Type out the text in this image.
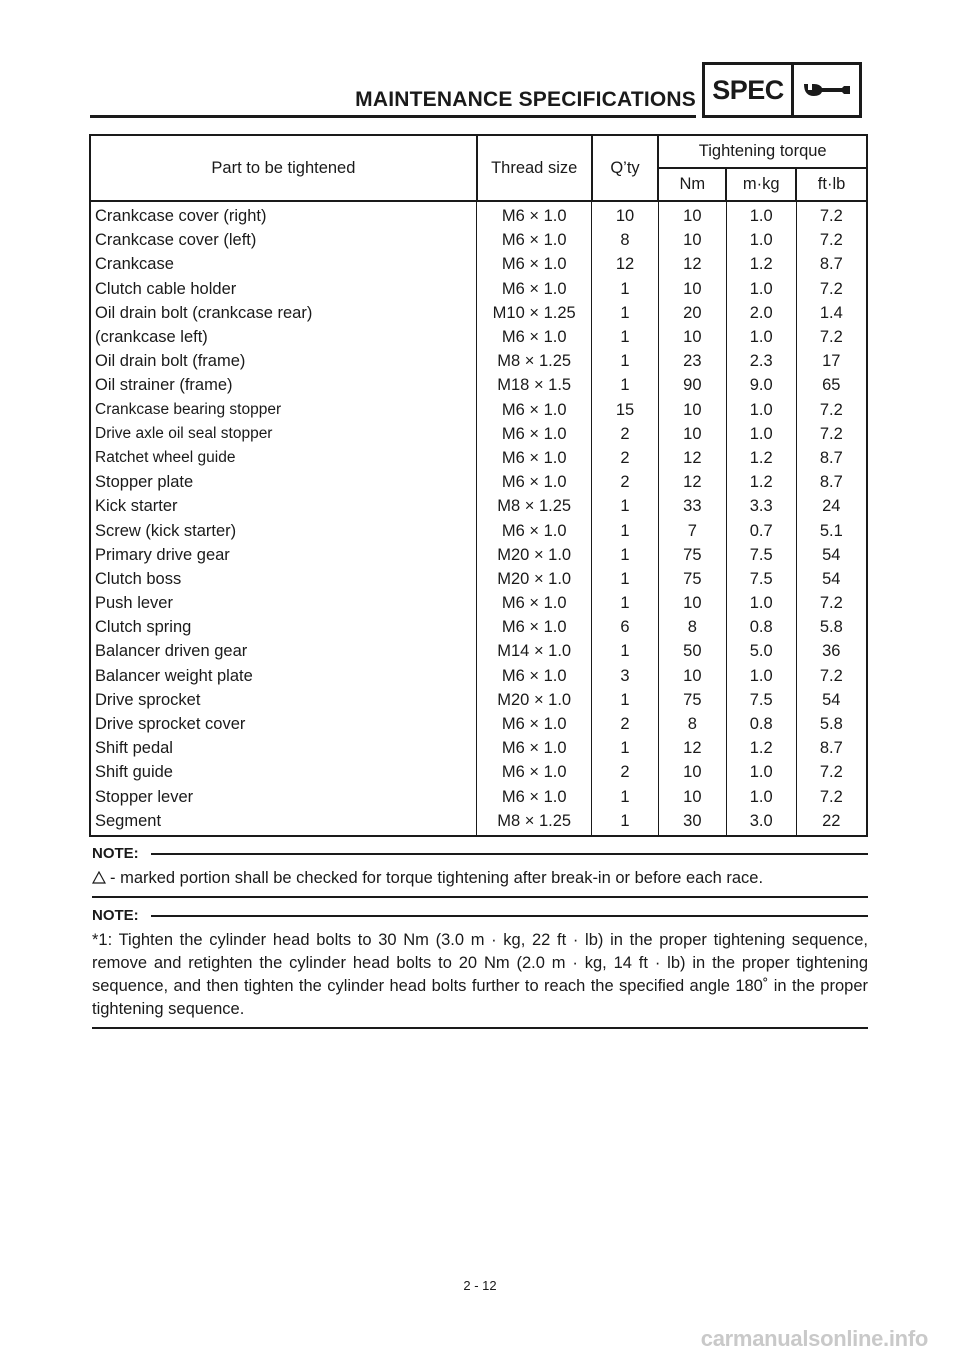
MAINTENANCE SPECIFICATIONS SPEC
Part to be tightened	Thread size	Q’ty	Tightening torque		
			Nm	m·kg	ft·lb
Crankcase cover (right)	M6 × 1.0	10	10	1.0	7.2
Crankcase cover (left)	M6 × 1.0	8	10	1.0	7.2
Crankcase	M6 × 1.0	12	12	1.2	8.7
Clutch cable holder	M6 × 1.0	1	10	1.0	7.2
Oil drain bolt (crankcase rear)	M10 × 1.25	1	20	2.0	1.4
(crankcase left)	M6 × 1.0	1	10	1.0	7.2
Oil drain bolt (frame)	M8 × 1.25	1	23	2.3	17
Oil strainer (frame)	M18 × 1.5	1	90	9.0	65
Crankcase bearing stopper	M6 × 1.0	15	10	1.0	7.2
Drive axle oil seal stopper	M6 × 1.0	2	10	1.0	7.2
Ratchet wheel guide	M6 × 1.0	2	12	1.2	8.7
Stopper plate	M6 × 1.0	2	12	1.2	8.7
Kick starter	M8 × 1.25	1	33	3.3	24
Screw (kick starter)	M6 × 1.0	1	7	0.7	5.1
Primary drive gear	M20 × 1.0	1	75	7.5	54
Clutch boss	M20 × 1.0	1	75	7.5	54
Push lever	M6 × 1.0	1	10	1.0	7.2
Clutch spring	M6 × 1.0	6	8	0.8	5.8
Balancer driven gear	M14 × 1.0	1	50	5.0	36
Balancer weight plate	M6 × 1.0	3	10	1.0	7.2
Drive sprocket	M20 × 1.0	1	75	7.5	54
Drive sprocket cover	M6 × 1.0	2	8	0.8	5.8
Shift pedal	M6 × 1.0	1	12	1.2	8.7
Shift guide	M6 × 1.0	2	10	1.0	7.2
Stopper lever	M6 × 1.0	1	10	1.0	7.2
Segment	M8 × 1.25	1	30	3.0	22
NOTE:
- marked portion shall be checked for torque tightening after break-in or before each race.
NOTE:
*1: Tighten the cylinder head bolts to 30 Nm (3.0 m · kg, 22 ft · lb) in the proper tightening sequence, remove and retighten the cylinder head bolts to 20 Nm (2.0 m · kg, 14 ft · lb) in the proper tightening sequence, and then tighten the cylinder head bolts further to reach the specified angle 180˚ in the proper tightening sequence.
2 - 12
carmanualsonline.info
